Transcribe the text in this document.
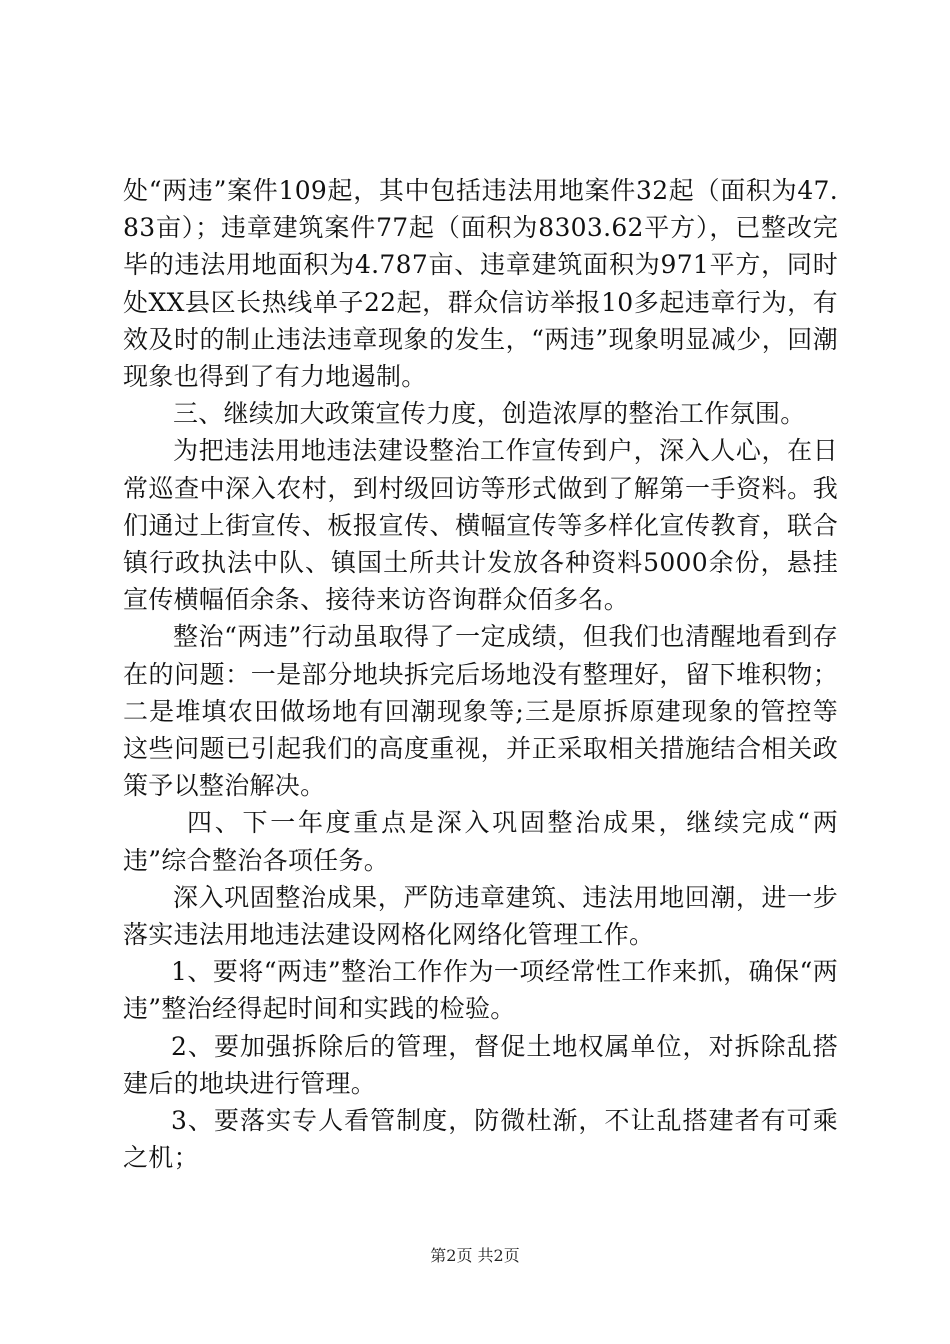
处“两违”案件109起，其中包括违法用地案件32起（面积为47.83亩）；违章建筑案件77起（面积为8303.62平方），已整改完毕的违法用地面积为4.787亩、违章建筑面积为971平方，同时处XX县区长热线单子22起，群众信访举报10多起违章行为，有效及时的制止违法违章现象的发生，“两违”现象明显减少，回潮现象也得到了有力地遏制。

三、继续加大政策宣传力度，创造浓厚的整治工作氛围。

为把违法用地违法建设整治工作宣传到户，深入人心，在日常巡查中深入农村，到村级回访等形式做到了解第一手资料。我们通过上街宣传、板报宣传、横幅宣传等多样化宣传教育，联合镇行政执法中队、镇国土所共计发放各种资料5000余份，悬挂宣传横幅佰余条、接待来访咨询群众佰多名。

整治“两违”行动虽取得了一定成绩，但我们也清醒地看到存在的问题：一是部分地块拆完后场地没有整理好，留下堆积物；二是堆填农田做场地有回潮现象等;三是原拆原建现象的管控等这些问题已引起我们的高度重视，并正采取相关措施结合相关政策予以整治解决。

四、下一年度重点是深入巩固整治成果，继续完成“两违”综合整治各项任务。

深入巩固整治成果，严防违章建筑、违法用地回潮，进一步落实违法用地违法建设网格化网络化管理工作。

1、要将“两违”整治工作作为一项经常性工作来抓，确保“两违”整治经得起时间和实践的检验。

2、要加强拆除后的管理，督促土地权属单位，对拆除乱搭建后的地块进行管理。

3、要落实专人看管制度，防微杜渐，不让乱搭建者有可乘之机；

第2页 共2页
